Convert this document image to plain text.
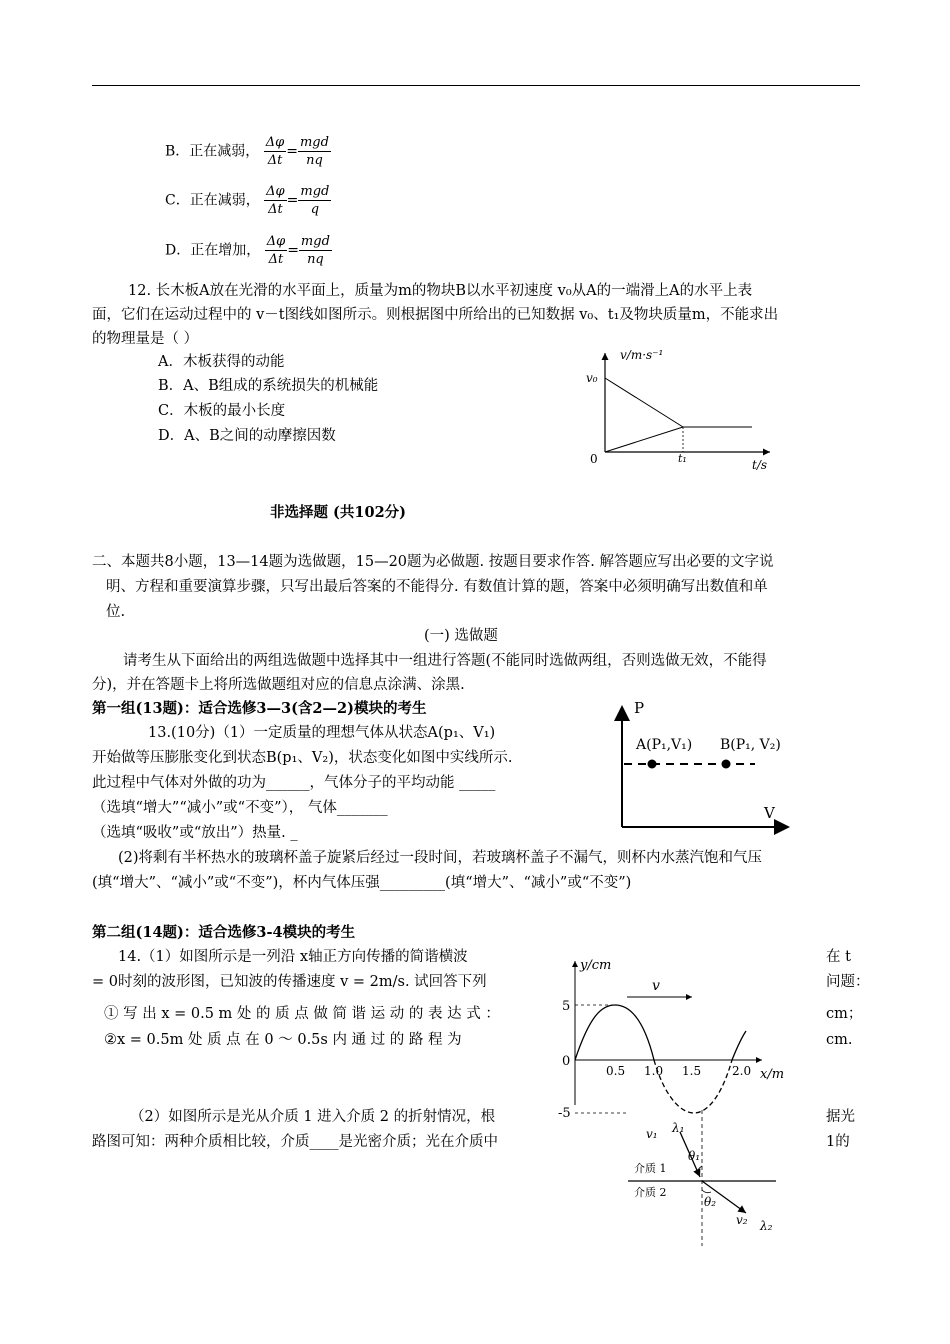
B．正在减弱， $\frac{\Delta\varphi}{\Delta t} = \frac{\text{mgd}}{nq}$
C．正在减弱， $\frac{\Delta\varphi}{\Delta t} = \frac{\text{mgd}}{q}$
D．正在增加， $\frac{\Delta\varphi}{\Delta t} = \frac{\text{mgd}}{nq}$
12. 长木板A放在光滑的水平面上，质量为m的物块B以水平初速度 v₀从A的一端滑上A的水平上表
面，它们在运动过程中的 v－t图线如图所示。则根据图中所给出的已知数据 v₀、t₁及物块质量m，不能求出
的物理量是（ ）
A．木板获得的动能
B．A、B组成的系统损失的机械能
C．木板的最小长度
D．A、B之间的动摩擦因数
v/m·s⁻¹
v₀
0	t₁	t/s
非选择题 (共102分)
二、本题共8小题，13—14题为选做题，15—20题为必做题. 按题目要求作答. 解答题应写出必要的文字说
明、方程和重要演算步骤，只写出最后答案的不能得分. 有数值计算的题，答案中必须明确写出数值和单
位.
(一) 选做题
请考生从下面给出的两组选做题中选择其中一组进行答题(不能同时选做两组，否则选做无效，不能得
分)，并在答题卡上将所选做题组对应的信息点涂满、涂黑.
第一组(13题)：适合选修3—3(含2—2)模块的考生
13.(10分)（1）一定质量的理想气体从状态A(p₁、V₁)
开始做等压膨胀变化到状态B(p₁、V₂)，状态变化如图中实线所示.
此过程中气体对外做的功为______，气体分子的平均动能 _____
（选填“增大”“减小”或“不变”）， 气体_______
（选填“吸收”或“放出”）热量. _
(2)将剩有半杯热水的玻璃杯盖子旋紧后经过一段时间，若玻璃杯盖子不漏气，则杯内水蒸汽饱和气压
(填“增大”、“减小”或“不变”)，杯内气体压强_________(填“增大”、“减小”或“不变”)
P
V
A(P₁,V₁) B(P₁, V₂)
第二组(14题)：适合选修3-4模块的考生
14.（1）如图所示是一列沿 x轴正方向传播的简谐横波	在 t
= 0时刻的波形图，已知波的传播速度 v = 2m/s. 试回答下列	问题：
① 写 出 x = 0.5 m 处 的 质 点 做 简 谐 运 动 的 表 达 式 ：	cm；
②x = 0.5m 处 质 点 在 0 ～ 0.5s 内 通 过 的 路 程 为	cm.
（2）如图所示是光从介质 1 进入介质 2 的折射情况，根	据光
路图可知：两种介质相比较，介质____是光密介质；光在介质中	1的
y/cm
v
5
0
-5
0.5 1.0 1.5	2.0 x/m
介质 1
介质 2
v₁ λ₁
θ₁
θ₂
v₂ λ₂
